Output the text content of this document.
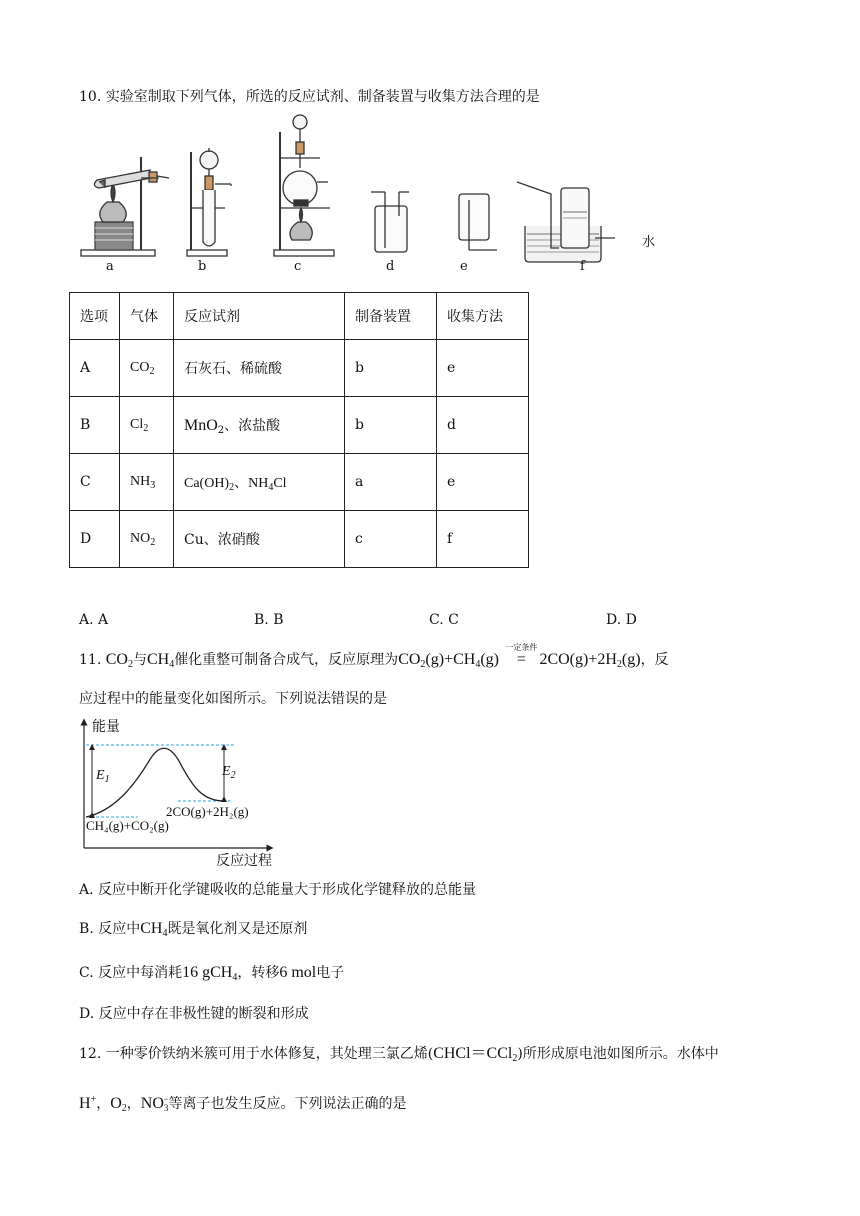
10. 实验室制取下列气体，所选的反应试剂、制备装置与收集方法合理的是
a	b	c	d	e	f
水
选项	气体	反应试剂	制备装置	收集方法
A	$CO_2$	石灰石、稀硫酸	b	e
B	$Cl_2$	MnO$_2$、浓盐酸	b	d
C	$NH_3$	$Ca(OH)_2$、$NH_4Cl$	a	e
D	$NO_2$	Cu、浓硝酸	c	f
A. A	B. B	C. C	D. D
11. $CO_2$与$CH_4$催化重整可制备合成气，反应原理为$CO_2(g)+CH_4(g)$
一定条件
= $2CO(g)+2H_2(g)$，反
应过程中的能量变化如图所示。下列说法错误的是
能量
反应过程
$E_1$
$E_2$
CH₄(g)+CO₂(g)
2CO(g)+2H₂(g)
A. 反应中断开化学键吸收的总能量大于形成化学键释放的总能量
B. 反应中$CH_4$既是氧化剂又是还原剂
C. 反应中每消耗16 gCH$_4$，转移6 mol电子
D. 反应中存在非极性键的断裂和形成
12. 一种零价铁纳米簇可用于水体修复，其处理三氯乙烯(CHCl＝CCl$_2$)所形成原电池如图所示。水体中
H+，$O_2$，$NO_3^-$等离子也发生反应。下列说法正确的是
